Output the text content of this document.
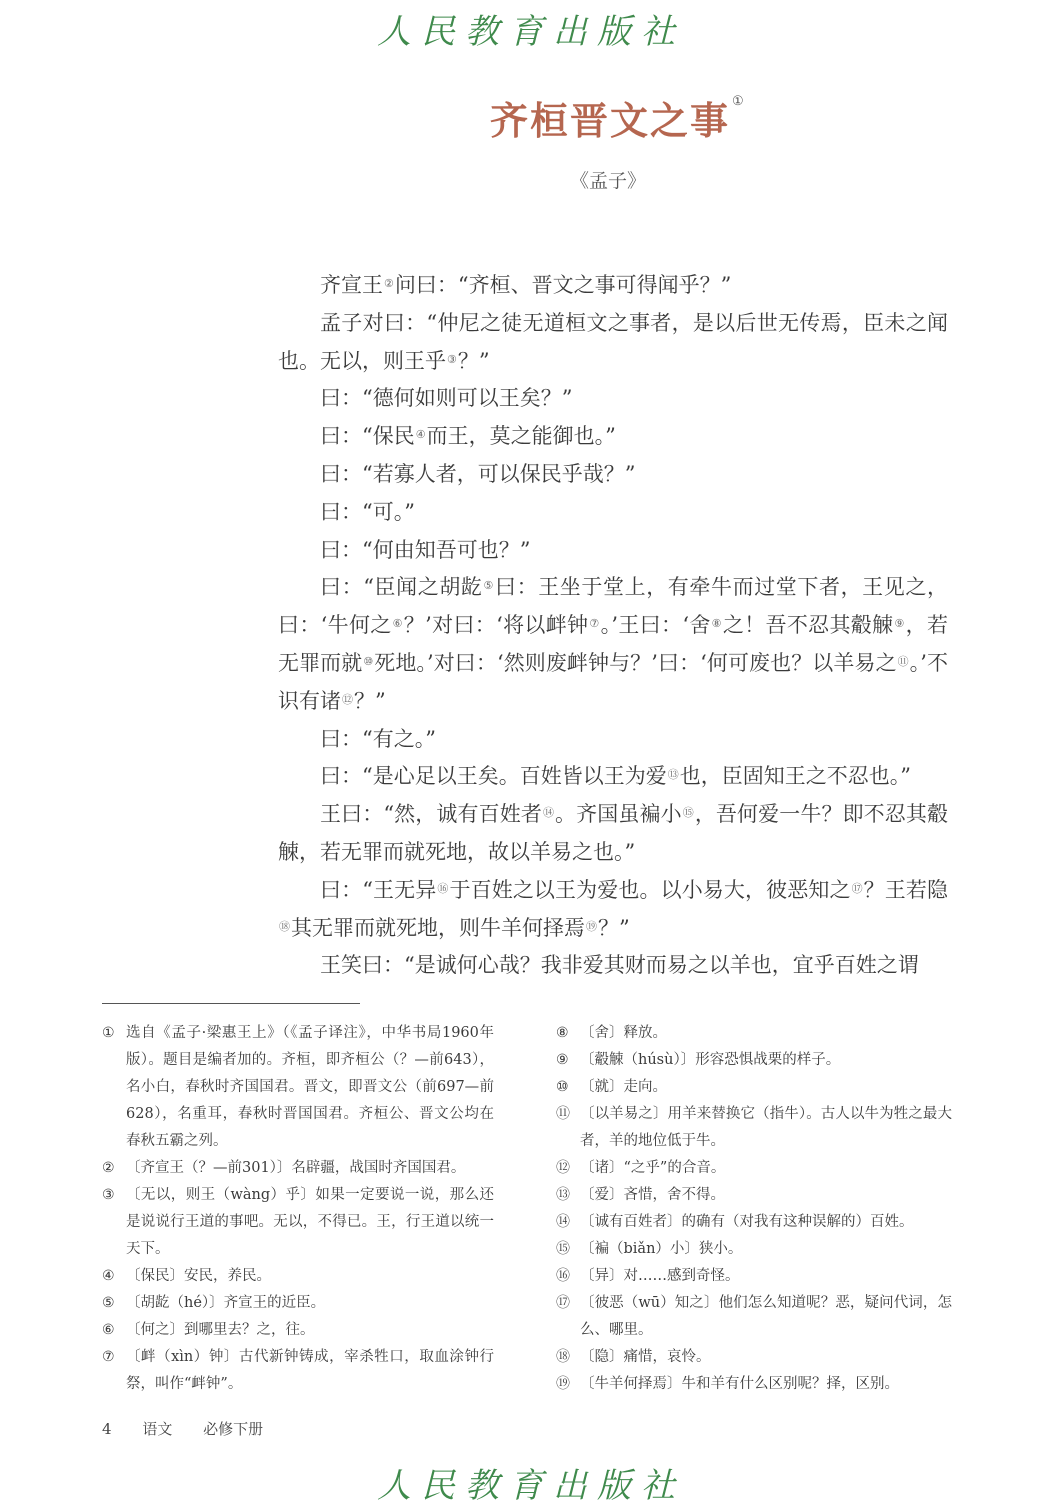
人民教育出版社
齐桓晋文之事 ①
《孟子》

齐宣王②问曰：“齐桓、晋文之事可得闻乎？”

孟子对曰：“仲尼之徒无道桓文之事者，是以后世无传焉，臣未之闻也。无以，则王乎③？”

曰：“德何如则可以王矣？”

曰：“保民④而王，莫之能御也。”

曰：“若寡人者，可以保民乎哉？”

曰：“可。”

曰：“何由知吾可也？”

曰：“臣闻之胡龁⑤曰：王坐于堂上，有牵牛而过堂下者，王见之，曰：‘牛何之⑥？’对曰：‘将以衅钟⑦。’王曰：‘舍⑧之！吾不忍其觳觫⑨，若无罪而就⑩死地。’对曰：‘然则废衅钟与？’曰：‘何可废也？以羊易之⑪。’不识有诸⑫？”

曰：“有之。”

曰：“是心足以王矣。百姓皆以王为爱⑬也，臣固知王之不忍也。”

王曰：“然，诚有百姓者⑭。齐国虽褊小⑮，吾何爱一牛？即不忍其觳觫，若无罪而就死地，故以羊易之也。”

曰：“王无异⑯于百姓之以王为爱也。以小易大，彼恶知之⑰？王若隐⑱其无罪而就死地，则牛羊何择焉⑲？”

王笑曰：“是诚何心哉？我非爱其财而易之以羊也，宜乎百姓之谓

① 选自《孟子·梁惠王上》（《孟子译注》，中华书局1960年版）。题目是编者加的。齐桓，即齐桓公（？—前643），名小白，春秋时齐国国君。晋文，即晋文公（前697—前628），名重耳，春秋时晋国国君。齐桓公、晋文公均在春秋五霸之列。
② 〔齐宣王（？—前301）〕名辟疆，战国时齐国国君。
③ 〔无以，则王（wàng）乎〕如果一定要说一说，那么还是说说行王道的事吧。无以，不得已。王，行王道以统一天下。
④ 〔保民〕安民，养民。
⑤ 〔胡龁（hé）〕齐宣王的近臣。
⑥ 〔何之〕到哪里去？之，往。
⑦ 〔衅（xìn）钟〕古代新钟铸成，宰杀牲口，取血涂钟行祭，叫作“衅钟”。
⑧ 〔舍〕释放。
⑨ 〔觳觫（húsù）〕形容恐惧战栗的样子。
⑩ 〔就〕走向。
⑪ 〔以羊易之〕用羊来替换它（指牛）。古人以牛为牲之最大者，羊的地位低于牛。
⑫ 〔诸〕“之乎”的合音。
⑬ 〔爱〕吝惜，舍不得。
⑭ 〔诚有百姓者〕的确有（对我有这种误解的）百姓。
⑮ 〔褊（biǎn）小〕狭小。
⑯ 〔异〕对……感到奇怪。
⑰ 〔彼恶（wū）知之〕他们怎么知道呢？恶，疑问代词，怎么、哪里。
⑱ 〔隐〕痛惜，哀怜。
⑲ 〔牛羊何择焉〕牛和羊有什么区别呢？择，区别。
4 语文 必修下册
人民教育出版社
